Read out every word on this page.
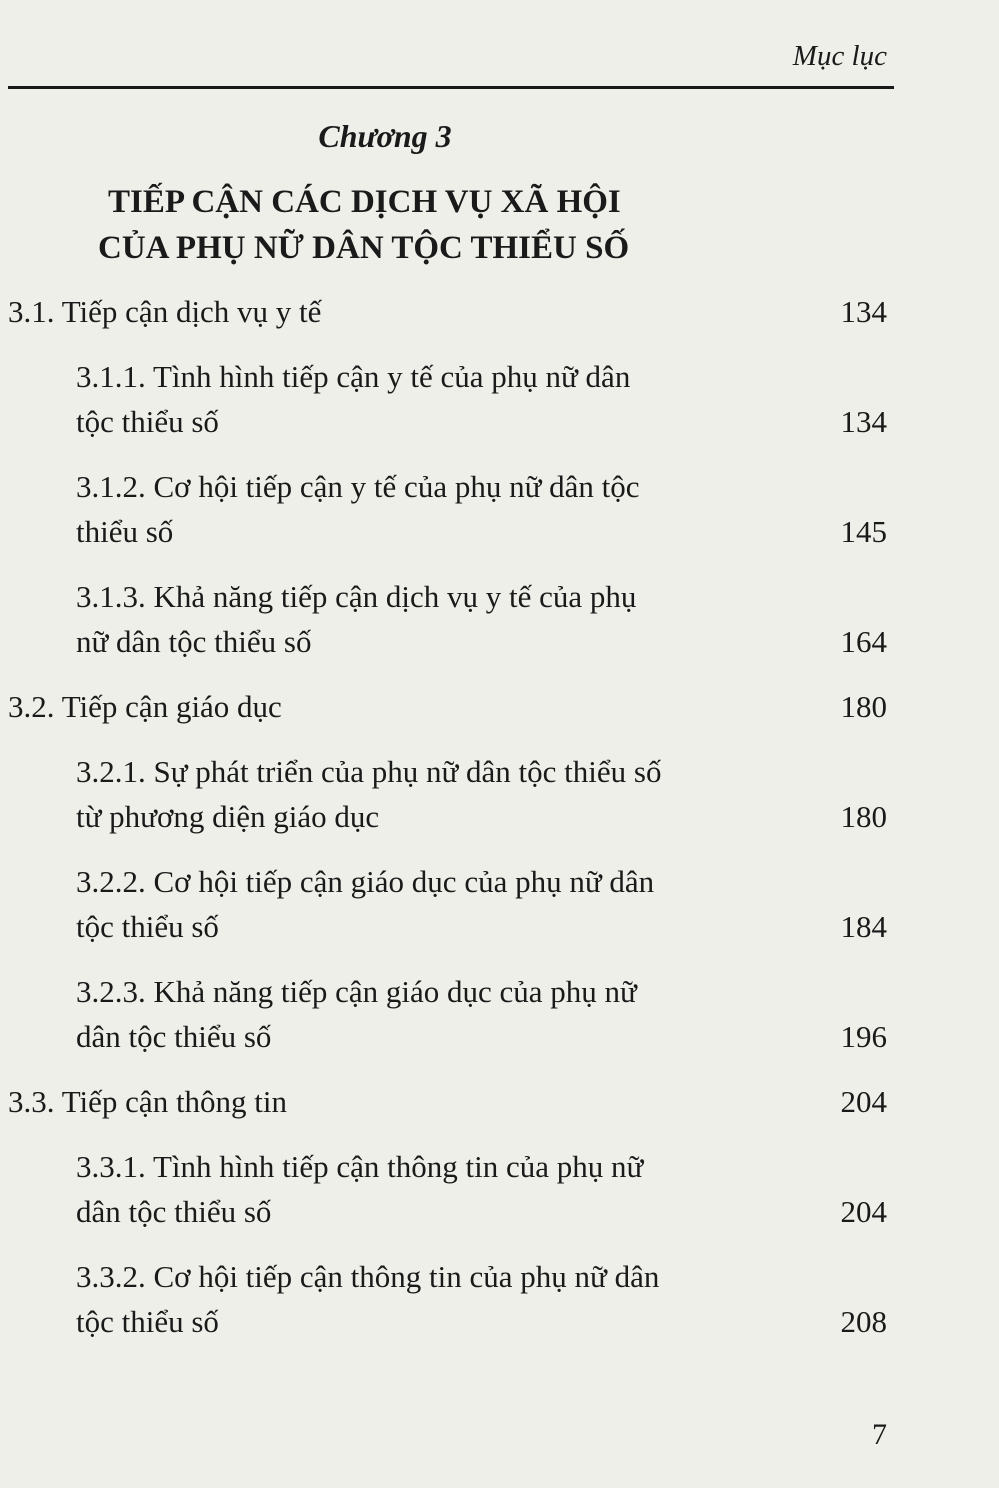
Mục lục
Chương 3
TIẾP CẬN CÁC DỊCH VỤ XÃ HỘI
CỦA PHỤ NỮ DÂN TỘC THIỂU SỐ
3.1. Tiếp cận dịch vụ y tế	134
3.1.1. Tình hình tiếp cận y tế của phụ nữ dân
tộc thiểu số	134
3.1.2. Cơ hội tiếp cận y tế của phụ nữ dân tộc
thiểu số	145
3.1.3. Khả năng tiếp cận dịch vụ y tế của phụ
nữ dân tộc thiểu số	164
3.2. Tiếp cận giáo dục	180
3.2.1. Sự phát triển của phụ nữ dân tộc thiểu số
từ phương diện giáo dục	180
3.2.2. Cơ hội tiếp cận giáo dục của phụ nữ dân
tộc thiểu số	184
3.2.3. Khả năng tiếp cận giáo dục của phụ nữ
dân tộc thiểu số	196
3.3. Tiếp cận thông tin	204
3.3.1. Tình hình tiếp cận thông tin của phụ nữ
dân tộc thiểu số	204
3.3.2. Cơ hội tiếp cận thông tin của phụ nữ dân
tộc thiểu số	208
7
